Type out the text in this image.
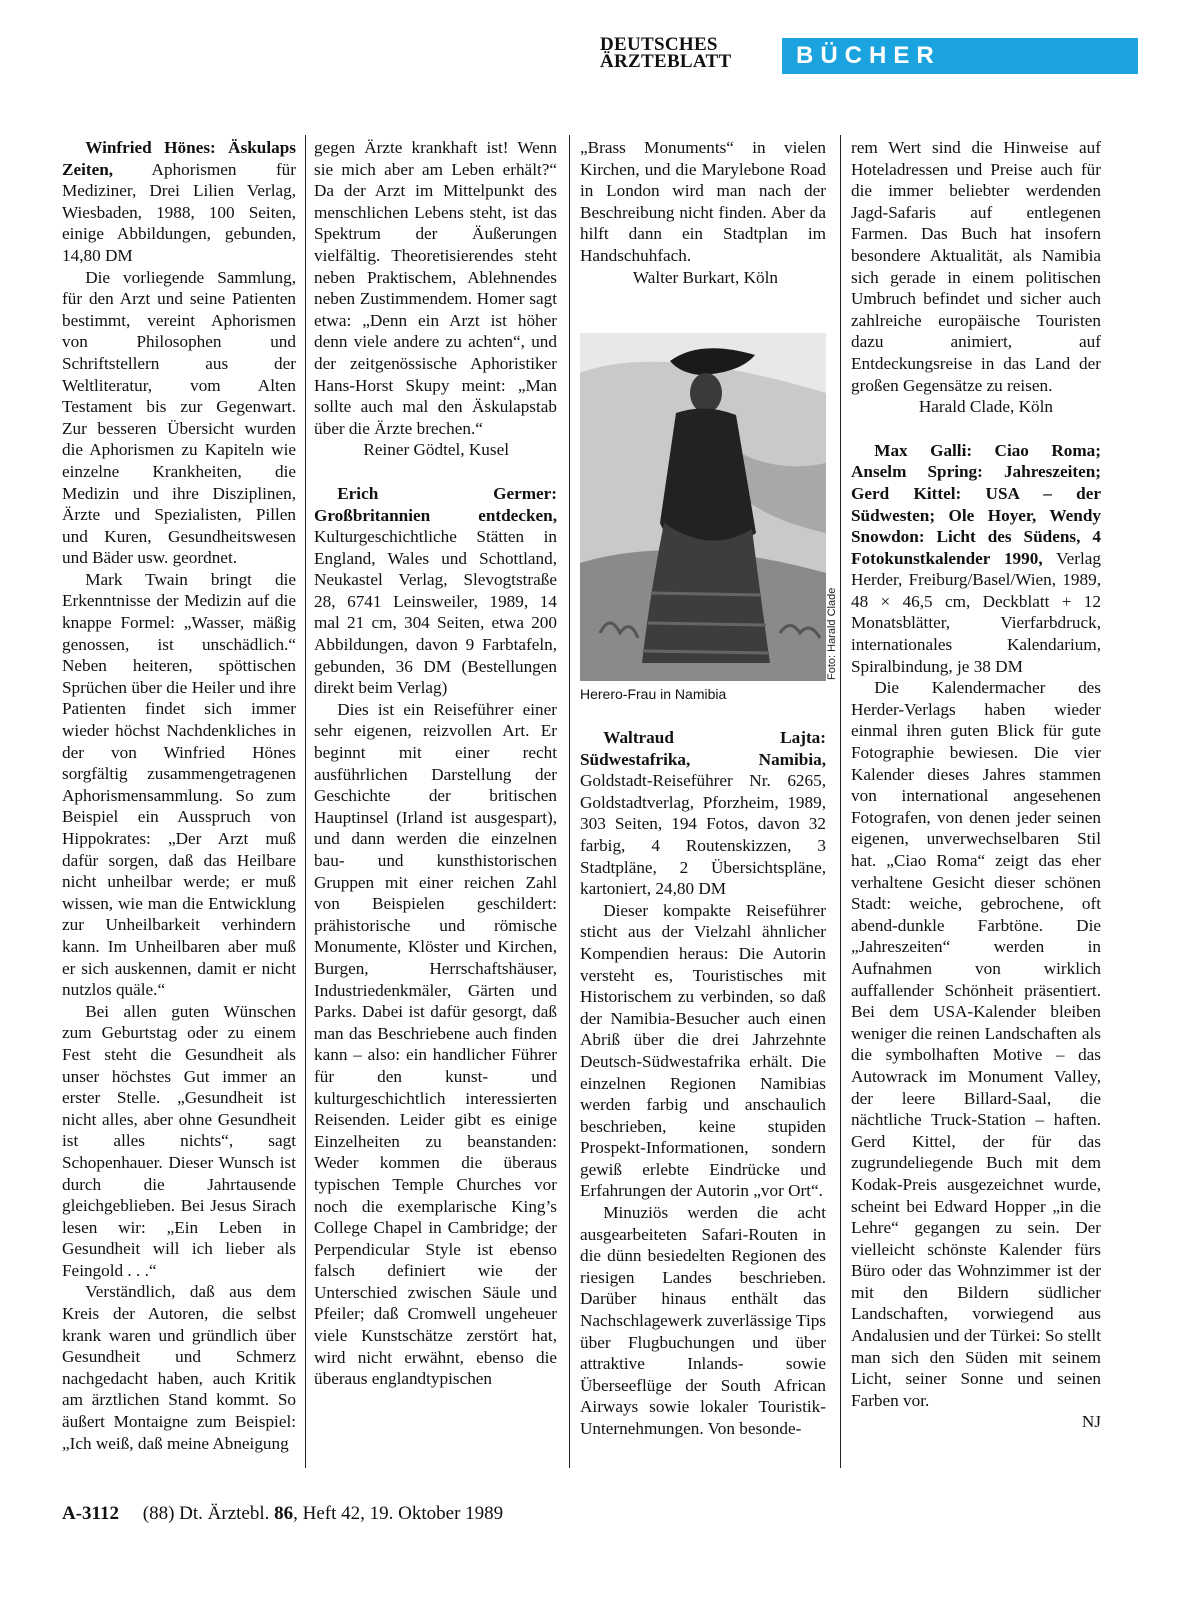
DEUTSCHES
ÄRZTEBLATT	BÜCHER

Winfried Hönes: Äskulaps Zeiten, Aphorismen für Mediziner, Drei Lilien Verlag, Wiesbaden, 1988, 100 Seiten, einige Abbildungen, gebunden, 14,80 DM

Die vorliegende Sammlung, für den Arzt und seine Patienten bestimmt, vereint Aphorismen von Philosophen und Schriftstellern aus der Weltliteratur, vom Alten Testament bis zur Gegenwart. Zur besseren Übersicht wurden die Aphorismen zu Kapiteln wie einzelne Krankheiten, die Medizin und ihre Disziplinen, Ärzte und Spezialisten, Pillen und Kuren, Gesundheitswesen und Bäder usw. geordnet.

Mark Twain bringt die Erkenntnisse der Medizin auf die knappe Formel: „Wasser, mäßig genossen, ist unschädlich.“ Neben heiteren, spöttischen Sprüchen über die Heiler und ihre Patienten findet sich immer wieder höchst Nachdenkliches in der von Winfried Hönes sorgfältig zusammengetragenen Aphorismensammlung. So zum Beispiel ein Ausspruch von Hippokrates: „Der Arzt muß dafür sorgen, daß das Heilbare nicht unheilbar werde; er muß wissen, wie man die Entwicklung zur Unheilbarkeit verhindern kann. Im Unheilbaren aber muß er sich auskennen, damit er nicht nutzlos quäle.“

Bei allen guten Wünschen zum Geburtstag oder zu einem Fest steht die Gesundheit als unser höchstes Gut immer an erster Stelle. „Gesundheit ist nicht alles, aber ohne Gesundheit ist alles nichts“, sagt Schopenhauer. Dieser Wunsch ist durch die Jahrtausende gleichgeblieben. Bei Jesus Sirach lesen wir: „Ein Leben in Gesundheit will ich lieber als Feingold . . .“

Verständlich, daß aus dem Kreis der Autoren, die selbst krank waren und gründlich über Gesundheit und Schmerz nachgedacht haben, auch Kritik am ärztlichen Stand kommt. So äußert Montaigne zum Beispiel: „Ich weiß, daß meine Abneigung

gegen Ärzte krankhaft ist! Wenn sie mich aber am Leben erhält?“ Da der Arzt im Mittelpunkt des menschlichen Lebens steht, ist das Spektrum der Äußerungen vielfältig. Theoretisierendes steht neben Praktischem, Ablehnendes neben Zustimmendem. Homer sagt etwa: „Denn ein Arzt ist höher denn viele andere zu achten“, und der zeitgenössische Aphoristiker Hans-Horst Skupy meint: „Man sollte auch mal den Äskulapstab über die Ärzte brechen.“

Reiner Gödtel, Kusel

Erich Germer: Großbritannien entdecken, Kulturgeschichtliche Stätten in England, Wales und Schottland, Neukastel Verlag, Slevogtstraße 28, 6741 Leinsweiler, 1989, 14 mal 21 cm, 304 Seiten, etwa 200 Abbildungen, davon 9 Farbtafeln, gebunden, 36 DM (Bestellungen direkt beim Verlag)

Dies ist ein Reiseführer einer sehr eigenen, reizvollen Art. Er beginnt mit einer recht ausführlichen Darstellung der Geschichte der britischen Hauptinsel (Irland ist ausgespart), und dann werden die einzelnen bau- und kunsthistorischen Gruppen mit einer reichen Zahl von Beispielen geschildert: prähistorische und römische Monumente, Klöster und Kirchen, Burgen, Herrschaftshäuser, Industriedenkmäler, Gärten und Parks. Dabei ist dafür gesorgt, daß man das Beschriebene auch finden kann – also: ein handlicher Führer für den kunst- und kulturgeschichtlich interessierten Reisenden. Leider gibt es einige Einzelheiten zu beanstanden: Weder kommen die überaus typischen Temple Churches vor noch die exemplarische King’s College Chapel in Cambridge; der Perpendicular Style ist ebenso falsch definiert wie der Unterschied zwischen Säule und Pfeiler; daß Cromwell ungeheuer viele Kunstschätze zerstört hat, wird nicht erwähnt, ebenso die überaus englandtypischen

„Brass Monuments“ in vielen Kirchen, und die Marylebone Road in London wird man nach der Beschreibung nicht finden. Aber da hilft dann ein Stadtplan im Handschuhfach.

Walter Burkart, Köln

Foto: Harald Clade
Herero-Frau in Namibia

Waltraud Lajta: Südwestafrika, Namibia, Goldstadt-Reiseführer Nr. 6265, Goldstadtverlag, Pforzheim, 1989, 303 Seiten, 194 Fotos, davon 32 farbig, 4 Routenskizzen, 3 Stadtpläne, 2 Übersichtspläne, kartoniert, 24,80 DM

Dieser kompakte Reiseführer sticht aus der Vielzahl ähnlicher Kompendien heraus: Die Autorin versteht es, Touristisches mit Historischem zu verbinden, so daß der Namibia-Besucher auch einen Abriß über die drei Jahrzehnte Deutsch-Südwestafrika erhält. Die einzelnen Regionen Namibias werden farbig und anschaulich beschrieben, keine stupiden Prospekt-Informationen, sondern gewiß erlebte Eindrücke und Erfahrungen der Autorin „vor Ort“.

Minuziös werden die acht ausgearbeiteten Safari-Routen in die dünn besiedelten Regionen des riesigen Landes beschrieben. Darüber hinaus enthält das Nachschlagewerk zuverlässige Tips über Flugbuchungen und über attraktive Inlands- sowie Überseeflüge der South African Airways sowie lokaler Touristik-Unternehmungen. Von besonde-

rem Wert sind die Hinweise auf Hoteladressen und Preise auch für die immer beliebter werdenden Jagd-Safaris auf entlegenen Farmen. Das Buch hat insofern besondere Aktualität, als Namibia sich gerade in einem politischen Umbruch befindet und sicher auch zahlreiche europäische Touristen dazu animiert, auf Entdeckungsreise in das Land der großen Gegensätze zu reisen.

Harald Clade, Köln

Max Galli: Ciao Roma; Anselm Spring: Jahreszeiten; Gerd Kittel: USA – der Südwesten; Ole Hoyer, Wendy Snowdon: Licht des Südens, 4 Fotokunstkalender 1990, Verlag Herder, Freiburg/Basel/Wien, 1989, 48 × 46,5 cm, Deckblatt + 12 Monatsblätter, Vierfarbdruck, internationales Kalendarium, Spiralbindung, je 38 DM

Die Kalendermacher des Herder-Verlags haben wieder einmal ihren guten Blick für gute Fotographie bewiesen. Die vier Kalender dieses Jahres stammen von international angesehenen Fotografen, von denen jeder seinen eigenen, unverwechselbaren Stil hat. „Ciao Roma“ zeigt das eher verhaltene Gesicht dieser schönen Stadt: weiche, gebrochene, oft abend-dunkle Farbtöne. Die „Jahreszeiten“ werden in Aufnahmen von wirklich auffallender Schönheit präsentiert. Bei dem USA-Kalender bleiben weniger die reinen Landschaften als die symbolhaften Motive – das Autowrack im Monument Valley, der leere Billard-Saal, die nächtliche Truck-Station – haften. Gerd Kittel, der für das zugrundeliegende Buch mit dem Kodak-Preis ausgezeichnet wurde, scheint bei Edward Hopper „in die Lehre“ gegangen zu sein. Der vielleicht schönste Kalender fürs Büro oder das Wohnzimmer ist der mit den Bildern südlicher Landschaften, vorwiegend aus Andalusien und der Türkei: So stellt man sich den Süden mit seinem Licht, seiner Sonne und seinen Farben vor.

NJ

A-3112 (88) Dt. Ärztebl. 86, Heft 42, 19. Oktober 1989
